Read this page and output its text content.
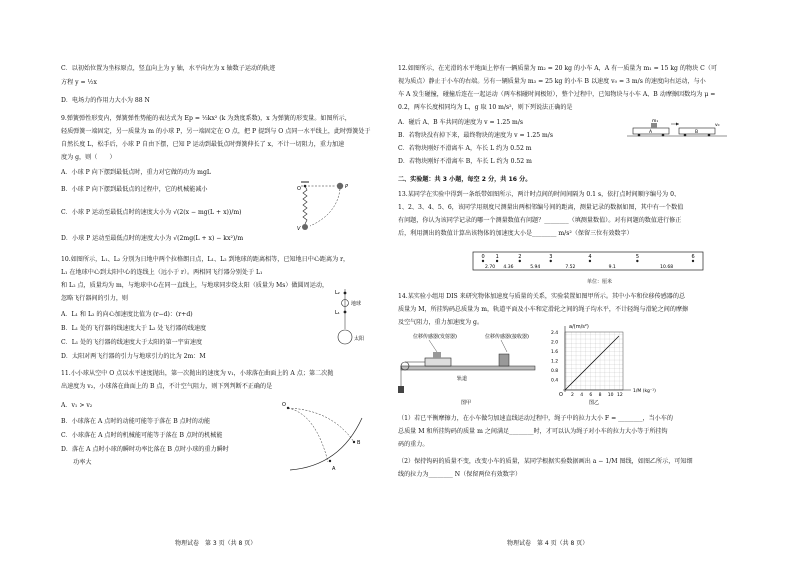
C．以初始位置为坐标原点，竖直向上为 y 轴，水平向左为 x 轴数子运动的轨迹
方程 y = ½x
D．电场力的作用力大小为 88 N
9.弹簧弹性形变内，弹簧弹性势能的表达式为 Ep = ½kx² (k 为劲度系数)，x 为弹簧的形变量。如图所示，
轻质弹簧一端固定，另一质量为 m 的小球 P，另一端固定在 O 点，把 P 提到与 O 点同一水平线上，此时弹簧处于
自然长度 L，松手后，小球 P 自由下摆，已知 P 运动到最低点时弹簧伸长了 x，不计一切阻力，重力加速
度为 g，则（　　）
A．小球 P 向下摆到最低点时，重力对它做的功为 mgL
B．小球 P 向下摆到最低点的过程中，它的机械能减小
C．小球 P 运动至最低点时的速度大小为 √(2(x − mg(L + x))/m)
D．小球 P 运动至最低点时的速度大小为 √(2mg(L + x) − kx²)/m
O	P
V
10.如图所示，L₁、L₂ 分别为日地中两个拉格朗日点，L₁、L₂ 到地球的距离相等，已知地日中心距离为 r，
L₁ 在地球中心到太阳中心的连线上（远小于 r）。两相同飞行器分别处于 L₁
和 L₂ 点，质量均为 m，与地球中心在同一直线上，与地球同步绕太阳（质量为 Ms）做圆周运动，
忽略飞行器间的引力，则
A．L₁ 和 L₂ 的向心加速度比值为 (r−d)：(r+d)
B．L₁ 处的飞行器的线速度大于 L₂ 处飞行器的线速度
C．L₁ 处的飞行器的线速度大于太阳的第一宇宙速度
D．太阳对两飞行器的引力与地球引力的比为 2m：M
L₂
L₁
地球
太阳
11.小小球从空中 O 点以水平速度抛出，第一次抛出的速度为 v₁，小球落在曲面上的 A 点；第二次抛
出速度为 v₂，小球落在曲面上的 B 点，不计空气阻力，则下列判断不正确的是
A．v₁ > v₂
B．小球落在 A 点时的动能可能等于落在 B 点时的动能
C．小球落在 A 点时的机械能可能等于落在 B 点时的机械能
D．落在 A 点时小球的瞬时功率比落在 B 点时小球的重力瞬时
　　功率大
O
B
A
物理试卷　第 3 页（共 8 页）
12.如图所示，在光滑的水平地面上停有一辆质量为 m₂ = 20 kg 的小车 A，A 有一质量为 m₁ = 15 kg 的物块 C（可
视为质点）静止于小车的右端。另有一辆质量为 m₃ = 25 kg 的小车 B 以速度 v₀ = 3 m/s 的速度向右运动，与小
车 A 发生碰撞，碰撞后连在一起运动（两车相碰时间极短），整个过程中，已知物块与小车 A、B 动摩擦因数均为 μ =
0.2，两车长度相同均为 L，g 取 10 m/s²，则下列说法正确的是
A．碰后 A、B 车共同的速度为 v = 1.25 m/s
B．若物块没有掉下来，最终物块的速度为 v = 1.25 m/s
C．若物块刚好不滑离车 A，车长 L 约为 0.52 m
D．若物块刚好不滑离车 B，车长 L 约为 0.52 m
m₁
A	B
v₀
二、实验题：共 3 小题，每空 2 分，共 16 分。
13.某同学在实验中得到一条纸带如图所示，两计时点间的时间间隔为 0.1 s，依打点时间顺序编号为 0、
1、2、3、4、5、6，该同学用刻度尺测量出两相邻编号间的距离，测量记录的数据如图，其中有一个数值
有问题，你认为该同学记录的哪一个测量数值有问题？________（填测量数值）。对有问题的数值进行修正
后，利用测出的数值计算出该物体的加速度大小是________ m/s²（保留三位有效数字）
0 1	2	3	4	5	6
2.70 4.36	5.94	7.52	9.1	10.68
单位：厘米
14.某实验小组用 DIS 来研究物体加速度与质量的关系，实验装置如图甲所示。其中小车和位移传感器的总
质量为 M，所挂钩码总质量为 m，轨道平面及小车和定滑轮之间的绳子均水平，不计轻绳与滑轮之间的摩擦
及空气阻力，重力加速度为 g。
位移传感器(发射器)	位移传感器(接收器)
轨道
图甲
a/(m/s²)
1/M (kg⁻¹)
O
2.4
2.0
1.6
1.2
0.8
0.4
2 4 6 8 10 12
图乙
（1）若已平衡摩擦力，在小车做匀加速直线运动过程中，绳子中的拉力大小 F = ________，当小车的
总质量 M 和所挂钩码的质量 m 之间满足________时，才可以认为绳子对小车的拉力大小等于所挂钩
码的重力。
（2）保持钩码的质量不变，改变小车的质量，某同学根据实验数据画出 a − 1/M 图线，如图乙所示，可知细
线的拉力为________ N（保留两位有效数字）
物理试卷　第 4 页（共 8 页）
